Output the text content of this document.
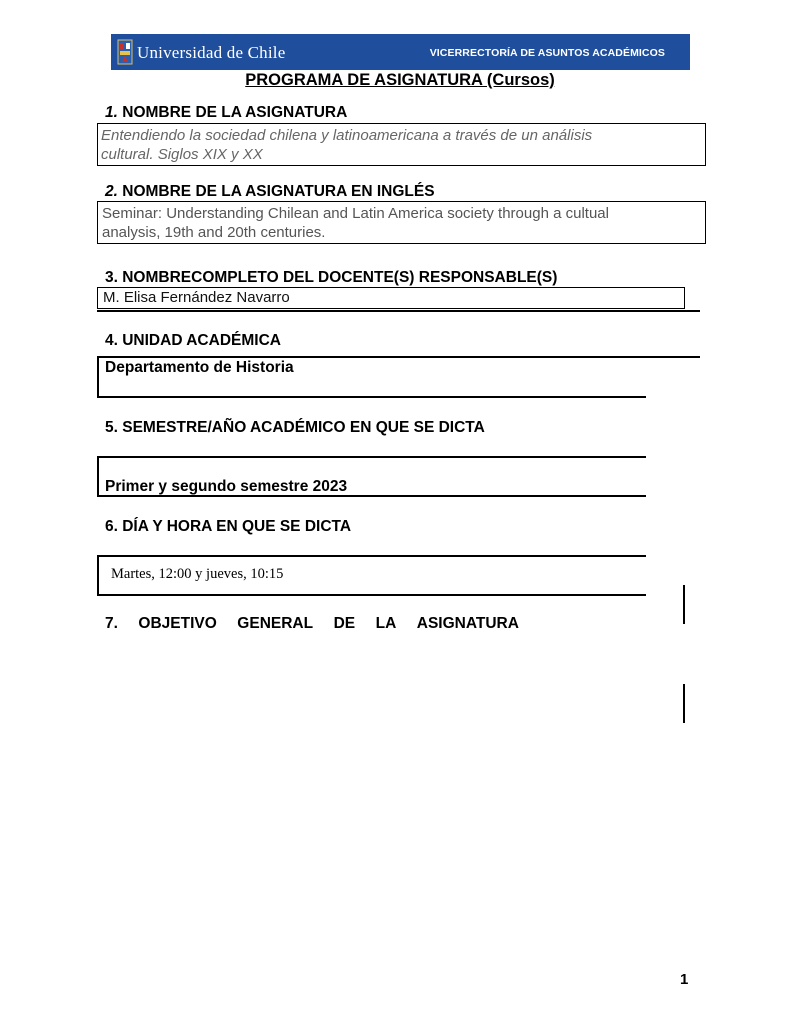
Universidad de Chile	VICERRECTORÍA DE ASUNTOS ACADÉMICOS
PROGRAMA DE ASIGNATURA (Cursos)
1. NOMBRE DE LA ASIGNATURA
Entendiendo la sociedad chilena y latinoamericana a través de un análisis
cultural. Siglos XIX y XX
2. NOMBRE DE LA ASIGNATURA EN INGLÉS
Seminar: Understanding Chilean and Latin America society through a cultual
analysis, 19th and 20th centuries.
3. NOMBRECOMPLETO DEL DOCENTE(S) RESPONSABLE(S)
M. Elisa Fernández Navarro
4. UNIDAD ACADÉMICA
Departamento de Historia
5. SEMESTRE/AÑO ACADÉMICO EN QUE SE DICTA
Primer y segundo semestre 2023
6. DÍA Y HORA EN QUE SE DICTA
Martes, 12:00 y jueves, 10:15
7. OBJETIVO GENERAL DE LA ASIGNATURA
1
